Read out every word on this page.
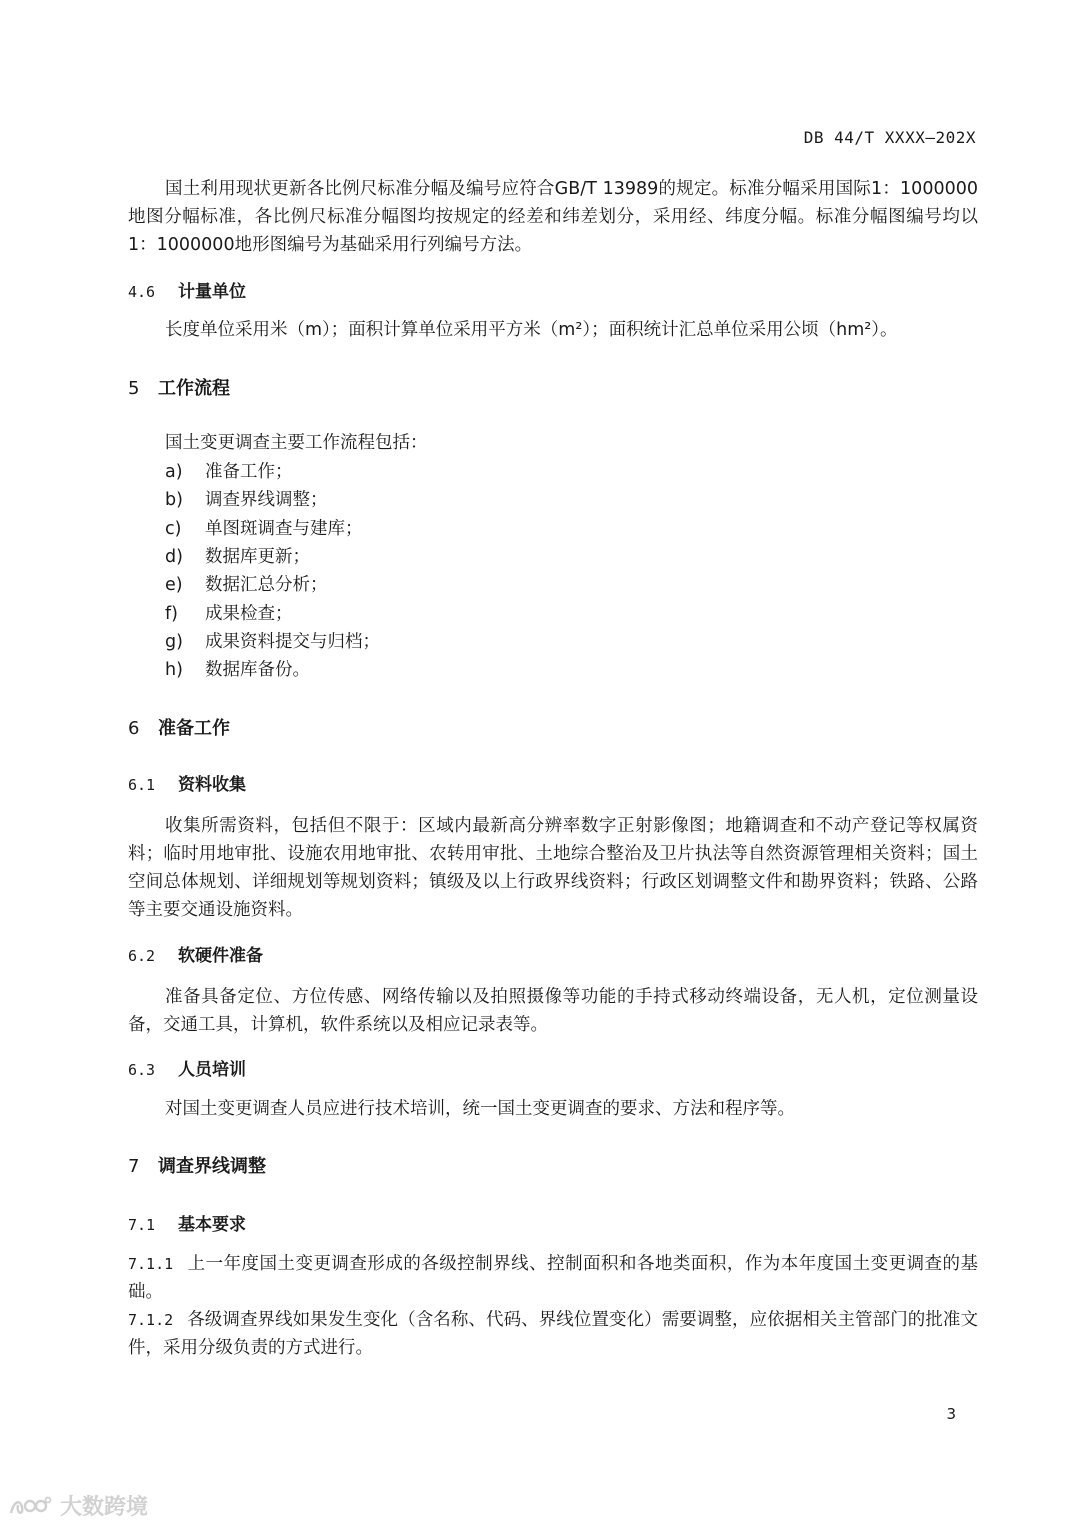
DB 44/T XXXX—202X
国土利用现状更新各比例尺标准分幅及编号应符合GB/T 13989的规定。标准分幅采用国际1：1000000地图分幅标准，各比例尺标准分幅图均按规定的经差和纬差划分，采用经、纬度分幅。标准分幅图编号均以1：1000000地形图编号为基础采用行列编号方法。
4.6 计量单位
长度单位采用米（m）；面积计算单位采用平方米（m²）；面积统计汇总单位采用公顷（hm²）。
5 工作流程
国土变更调查主要工作流程包括：
a) 准备工作；
b) 调查界线调整；
c) 单图斑调查与建库；
d) 数据库更新；
e) 数据汇总分析；
f) 成果检查；
g) 成果资料提交与归档；
h) 数据库备份。
6 准备工作
6.1 资料收集
收集所需资料，包括但不限于：区域内最新高分辨率数字正射影像图；地籍调查和不动产登记等权属资料；临时用地审批、设施农用地审批、农转用审批、土地综合整治及卫片执法等自然资源管理相关资料；国土空间总体规划、详细规划等规划资料；镇级及以上行政界线资料；行政区划调整文件和勘界资料；铁路、公路等主要交通设施资料。
6.2 软硬件准备
准备具备定位、方位传感、网络传输以及拍照摄像等功能的手持式移动终端设备，无人机，定位测量设备，交通工具，计算机，软件系统以及相应记录表等。
6.3 人员培训
对国土变更调查人员应进行技术培训，统一国土变更调查的要求、方法和程序等。
7 调查界线调整
7.1 基本要求
7.1.1 上一年度国土变更调查形成的各级控制界线、控制面积和各地类面积，作为本年度国土变更调查的基础。
7.1.2 各级调查界线如果发生变化（含名称、代码、界线位置变化）需要调整，应依据相关主管部门的批准文件，采用分级负责的方式进行。
3
大数跨境
